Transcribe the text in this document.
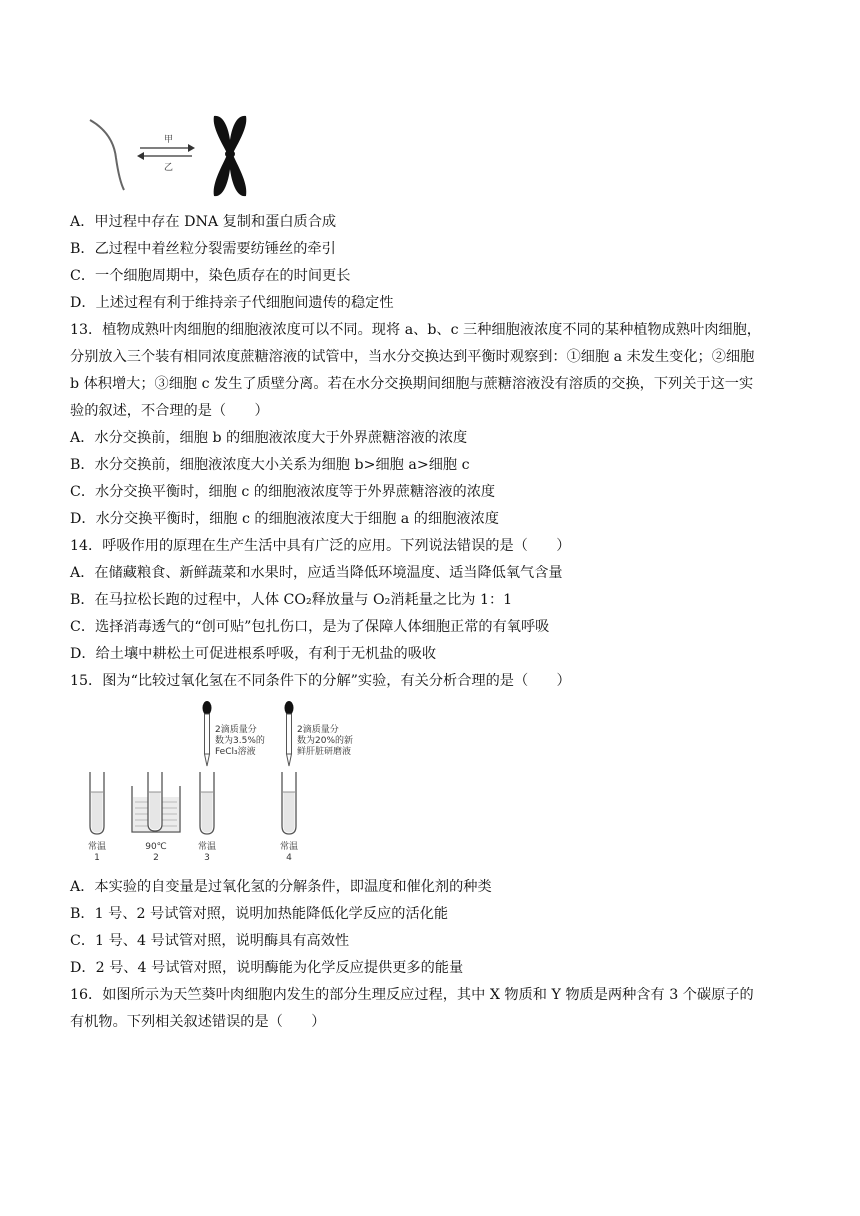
甲
乙
A．甲过程中存在 DNA 复制和蛋白质合成
B．乙过程中着丝粒分裂需要纺锤丝的牵引
C．一个细胞周期中，染色质存在的时间更长
D．上述过程有利于维持亲子代细胞间遗传的稳定性
13．植物成熟叶肉细胞的细胞液浓度可以不同。现将 a、b、c 三种细胞液浓度不同的某种植物成熟叶肉细胞，
分别放入三个装有相同浓度蔗糖溶液的试管中，当水分交换达到平衡时观察到：①细胞 a 未发生变化；②细胞
b 体积增大；③细胞 c 发生了质壁分离。若在水分交换期间细胞与蔗糖溶液没有溶质的交换，下列关于这一实
验的叙述，不合理的是（　　）
A．水分交换前，细胞 b 的细胞液浓度大于外界蔗糖溶液的浓度
B．水分交换前，细胞液浓度大小关系为细胞 b>细胞 a>细胞 c
C．水分交换平衡时，细胞 c 的细胞液浓度等于外界蔗糖溶液的浓度
D．水分交换平衡时，细胞 c 的细胞液浓度大于细胞 a 的细胞液浓度
14．呼吸作用的原理在生产生活中具有广泛的应用。下列说法错误的是（　　）
A．在储藏粮食、新鲜蔬菜和水果时，应适当降低环境温度、适当降低氧气含量
B．在马拉松长跑的过程中，人体 CO₂释放量与 O₂消耗量之比为 1：1
C．选择消毒透气的“创可贴”包扎伤口，是为了保障人体细胞正常的有氧呼吸
D．给土壤中耕松土可促进根系呼吸，有利于无机盐的吸收
15．图为“比较过氧化氢在不同条件下的分解”实验，有关分析合理的是（　　）
2滴质量分
数为3.5%的
FeCl₃溶液
2滴质量分
数为20%的新
鲜肝脏研磨液
常温
1
90℃
2
常温
3
常温
4
A．本实验的自变量是过氧化氢的分解条件，即温度和催化剂的种类
B．1 号、2 号试管对照，说明加热能降低化学反应的活化能
C．1 号、4 号试管对照，说明酶具有高效性
D．2 号、4 号试管对照，说明酶能为化学反应提供更多的能量
16．如图所示为天竺葵叶肉细胞内发生的部分生理反应过程，其中 X 物质和 Y 物质是两种含有 3 个碳原子的
有机物。下列相关叙述错误的是（　　）
